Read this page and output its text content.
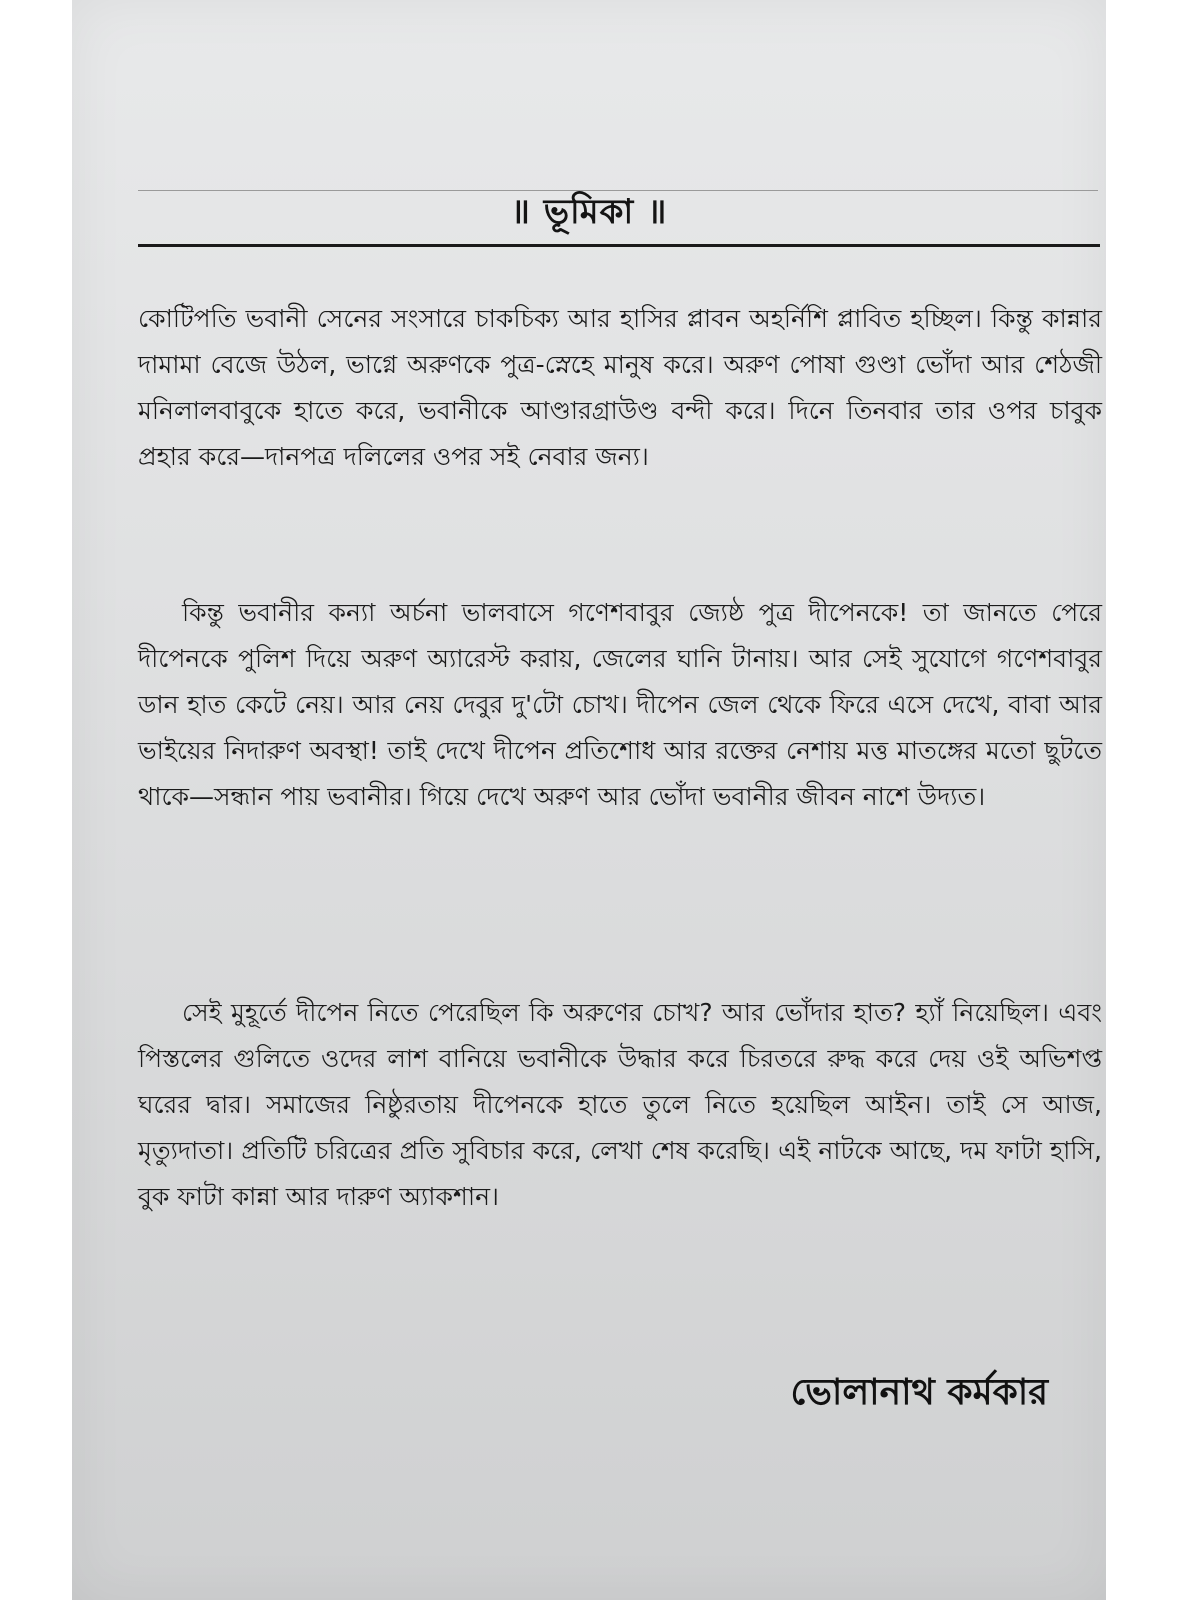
॥ ভূমিকা ॥

কোটিপতি ভবানী সেনের সংসারে চাকচিক্য আর হাসির প্লাবন অহর্নিশি প্লাবিত হচ্ছিল। কিন্তু কান্নার দামামা বেজে উঠল, ভাগ্নে অরুণকে পুত্র-স্নেহে মানুষ করে। অরুণ পোষা গুণ্ডা ভোঁদা আর শেঠজী মনিলালবাবুকে হাতে করে, ভবানীকে আণ্ডারগ্রাউণ্ড বন্দী করে। দিনে তিনবার তার ওপর চাবুক প্রহার করে—দানপত্র দলিলের ওপর সই নেবার জন্য।

কিন্তু ভবানীর কন্যা অর্চনা ভালবাসে গণেশবাবুর জ্যেষ্ঠ পুত্র দীপেনকে! তা জানতে পেরে দীপেনকে পুলিশ দিয়ে অরুণ অ্যারেস্ট করায়, জেলের ঘানি টানায়। আর সেই সুযোগে গণেশবাবুর ডান হাত কেটে নেয়। আর নেয় দেবুর দু'টো চোখ। দীপেন জেল থেকে ফিরে এসে দেখে, বাবা আর ভাইয়ের নিদারুণ অবস্থা! তাই দেখে দীপেন প্রতিশোধ আর রক্তের নেশায় মত্ত মাতঙ্গের মতো ছুটতে থাকে—সন্ধান পায় ভবানীর। গিয়ে দেখে অরুণ আর ভোঁদা ভবানীর জীবন নাশে উদ্যত।

সেই মুহূর্তে দীপেন নিতে পেরেছিল কি অরুণের চোখ? আর ভোঁদার হাত? হ্যাঁ নিয়েছিল। এবং পিস্তলের গুলিতে ওদের লাশ বানিয়ে ভবানীকে উদ্ধার করে চিরতরে রুদ্ধ করে দেয় ওই অভিশপ্ত ঘরের দ্বার। সমাজের নিষ্ঠুরতায় দীপেনকে হাতে তুলে নিতে হয়েছিল আইন। তাই সে আজ, মৃত্যুদাতা। প্রতিটি চরিত্রের প্রতি সুবিচার করে, লেখা শেষ করেছি। এই নাটকে আছে, দম ফাটা হাসি, বুক ফাটা কান্না আর দারুণ অ্যাকশান।

ভোলানাথ কর্মকার
